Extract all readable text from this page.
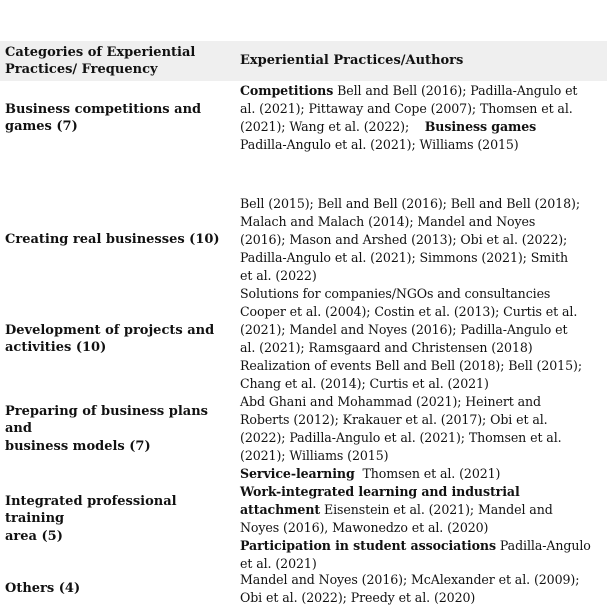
Categories of Experiential
Practices/ Frequency
Experiential Practices/Authors
Business competitions and
games (7)
Competitions Bell and Bell (2016); Padilla-Angulo et
al. (2021); Pittaway and Cope (2007); Thomsen et al.
(2021); Wang et al. (2022);    Business games
Padilla-Angulo et al. (2021); Williams (2015)
Creating real businesses (10)
Bell (2015); Bell and Bell (2016); Bell and Bell (2018);
Malach and Malach (2014); Mandel and Noyes
(2016); Mason and Arshed (2013); Obi et al. (2022);
Padilla-Angulo et al. (2021); Simmons (2021); Smith
et al. (2022)
Development of projects and
activities (10)
Solutions for companies/NGOs and consultancies
Cooper et al. (2004); Costin et al. (2013); Curtis et al.
(2021); Mandel and Noyes (2016); Padilla-Angulo et
al. (2021); Ramsgaard and Christensen (2018)
Realization of events Bell and Bell (2018); Bell (2015);
Chang et al. (2014); Curtis et al. (2021)
Preparing of business plans and
business models (7)
Abd Ghani and Mohammad (2021); Heinert and
Roberts (2012); Krakauer et al. (2017); Obi et al.
(2022); Padilla-Angulo et al. (2021); Thomsen et al.
(2021); Williams (2015)
Integrated professional training
area (5)
Service-learning  Thomsen et al. (2021)
Work-integrated learning and industrial
attachment Eisenstein et al. (2021); Mandel and
Noyes (2016), Mawonedzo et al. (2020)
Participation in student associations Padilla-Angulo
et al. (2021)
Others (4)
Mandel and Noyes (2016); McAlexander et al. (2009);
Obi et al. (2022); Preedy et al. (2020)
